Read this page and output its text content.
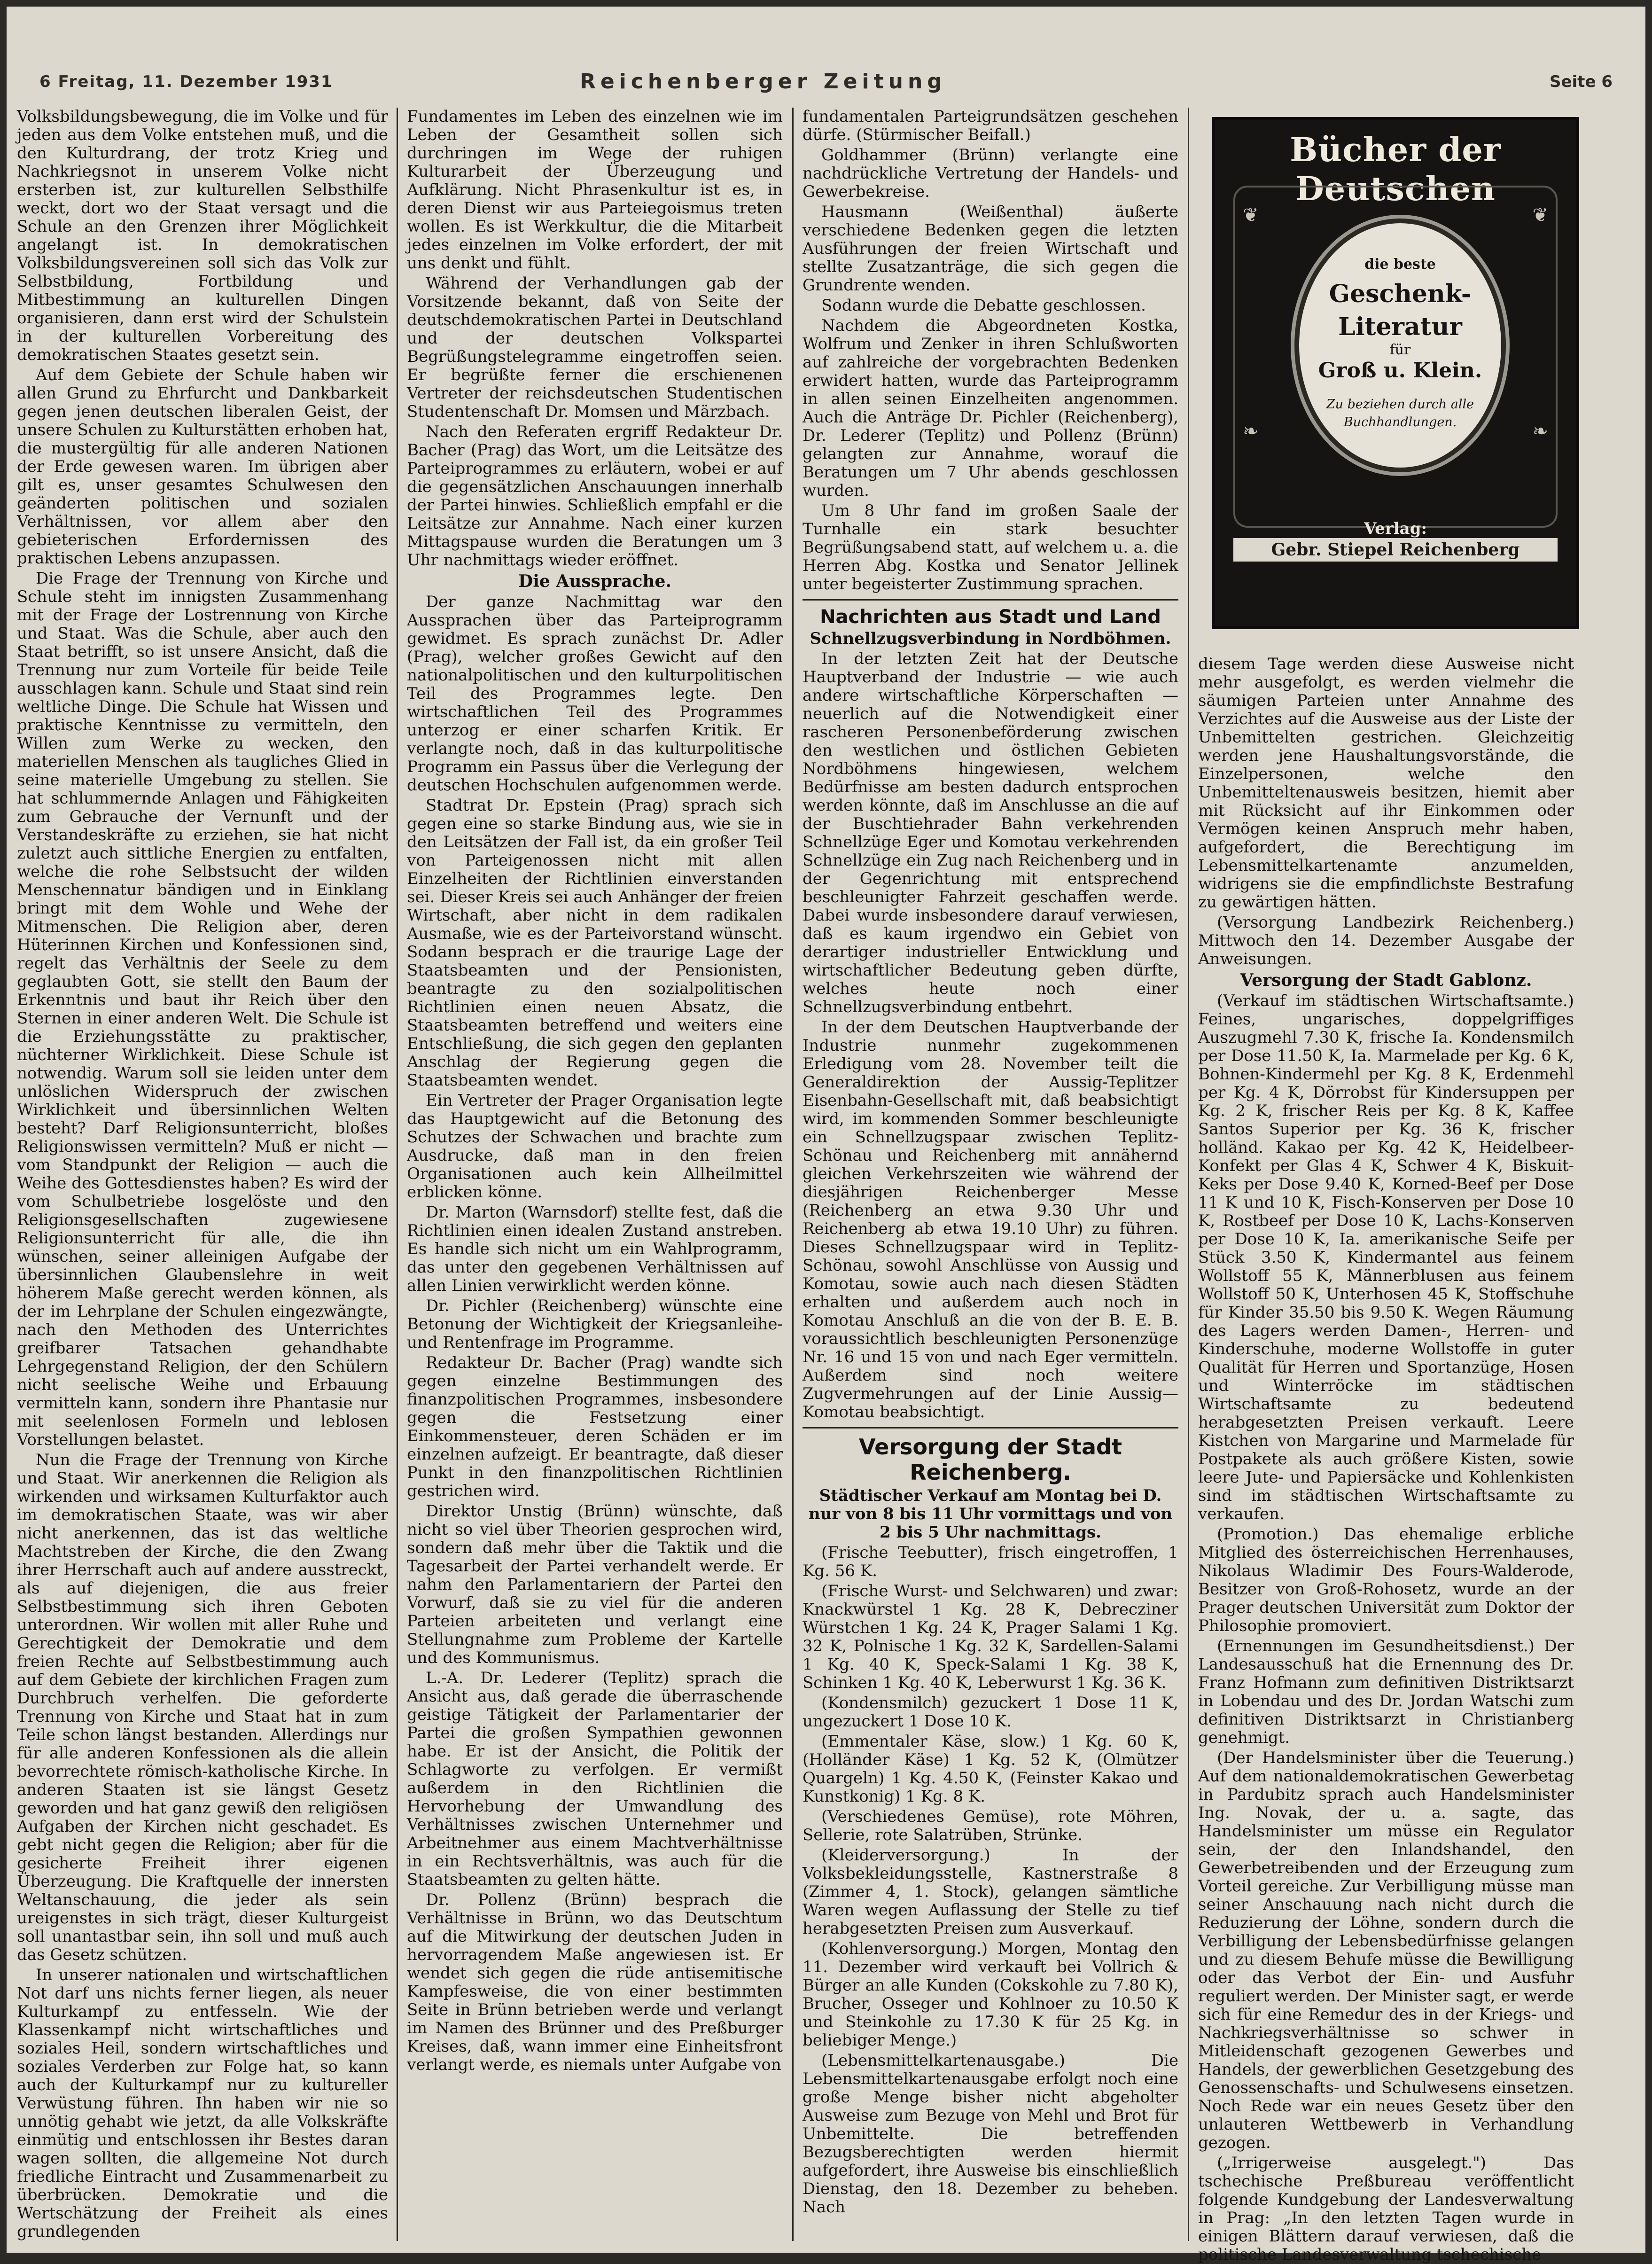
6 Freitag, 11. Dezember 1931	Reichenberger Zeitung	Seite 6

Volksbildungsbewegung, die im Volke und für jeden aus dem Volke entstehen muß, und die den Kulturdrang, der trotz Krieg und Nachkriegsnot in unserem Volke nicht ersterben ist, zur kulturellen Selbsthilfe weckt, dort wo der Staat versagt und die Schule an den Grenzen ihrer Möglichkeit angelangt ist. In demokratischen Volksbildungsvereinen soll sich das Volk zur Selbstbildung, Fortbildung und Mitbestimmung an kulturellen Dingen organisieren, dann erst wird der Schulstein in der kulturellen Vorbereitung des demokratischen Staates gesetzt sein.

Auf dem Gebiete der Schule haben wir allen Grund zu Ehrfurcht und Dankbarkeit gegen jenen deutschen liberalen Geist, der unsere Schulen zu Kulturstätten erhoben hat, die mustergültig für alle anderen Nationen der Erde gewesen waren. Im übrigen aber gilt es, unser gesamtes Schulwesen den geänderten politischen und sozialen Verhältnissen, vor allem aber den gebieterischen Erfordernissen des praktischen Lebens anzupassen.

Die Frage der Trennung von Kirche und Schule steht im innigsten Zusammenhang mit der Frage der Lostrennung von Kirche und Staat. Was die Schule, aber auch den Staat betrifft, so ist unsere Ansicht, daß die Trennung nur zum Vorteile für beide Teile ausschlagen kann. Schule und Staat sind rein weltliche Dinge. Die Schule hat Wissen und praktische Kenntnisse zu vermitteln, den Willen zum Werke zu wecken, den materiellen Menschen als taugliches Glied in seine materielle Umgebung zu stellen. Sie hat schlummernde Anlagen und Fähigkeiten zum Gebrauche der Vernunft und der Verstandeskräfte zu erziehen, sie hat nicht zuletzt auch sittliche Energien zu entfalten, welche die rohe Selbstsucht der wilden Menschennatur bändigen und in Einklang bringt mit dem Wohle und Wehe der Mitmenschen. Die Religion aber, deren Hüterinnen Kirchen und Konfessionen sind, regelt das Verhältnis der Seele zu dem geglaubten Gott, sie stellt den Baum der Erkenntnis und baut ihr Reich über den Sternen in einer anderen Welt. Die Schule ist die Erziehungsstätte zu praktischer, nüchterner Wirklichkeit. Diese Schule ist notwendig. Warum soll sie leiden unter dem unlöslichen Widerspruch der zwischen Wirklichkeit und übersinnlichen Welten besteht? Darf Religionsunterricht, bloßes Religionswissen vermitteln? Muß er nicht — vom Standpunkt der Religion — auch die Weihe des Gottesdienstes haben? Es wird der vom Schulbetriebe losgelöste und den Religionsgesellschaften zugewiesene Religionsunterricht für alle, die ihn wünschen, seiner alleinigen Aufgabe der übersinnlichen Glaubenslehre in weit höherem Maße gerecht werden können, als der im Lehrplane der Schulen eingezwängte, nach den Methoden des Unterrichtes greifbarer Tatsachen gehandhabte Lehrgegenstand Religion, der den Schülern nicht seelische Weihe und Erbauung vermitteln kann, sondern ihre Phantasie nur mit seelenlosen Formeln und leblosen Vorstellungen belastet.

Nun die Frage der Trennung von Kirche und Staat. Wir anerkennen die Religion als wirkenden und wirksamen Kulturfaktor auch im demokratischen Staate, was wir aber nicht anerkennen, das ist das weltliche Machtstreben der Kirche, die den Zwang ihrer Herrschaft auch auf andere ausstreckt, als auf diejenigen, die aus freier Selbstbestimmung sich ihren Geboten unterordnen. Wir wollen mit aller Ruhe und Gerechtigkeit der Demokratie und dem freien Rechte auf Selbstbestimmung auch auf dem Gebiete der kirchlichen Fragen zum Durchbruch verhelfen. Die geforderte Trennung von Kirche und Staat hat in zum Teile schon längst bestanden. Allerdings nur für alle anderen Konfessionen als die allein bevorrechtete römisch-katholische Kirche. In anderen Staaten ist sie längst Gesetz geworden und hat ganz gewiß den religiösen Aufgaben der Kirchen nicht geschadet. Es gebt nicht gegen die Religion; aber für die gesicherte Freiheit ihrer eigenen Überzeugung. Die Kraftquelle der innersten Weltanschauung, die jeder als sein ureigenstes in sich trägt, dieser Kulturgeist soll unantastbar sein, ihn soll und muß auch das Gesetz schützen.

In unserer nationalen und wirtschaftlichen Not darf uns nichts ferner liegen, als neuer Kulturkampf zu entfesseln. Wie der Klassenkampf nicht wirtschaftliches und soziales Heil, sondern wirtschaftliches und soziales Verderben zur Folge hat, so kann auch der Kulturkampf nur zu kultureller Verwüstung führen. Ihn haben wir nie so unnötig gehabt wie jetzt, da alle Volkskräfte einmütig und entschlossen ihr Bestes daran wagen sollten, die allgemeine Not durch friedliche Eintracht und Zusammenarbeit zu überbrücken. Demokratie und die Wertschätzung der Freiheit als eines grundlegenden

Fundamentes im Leben des einzelnen wie im Leben der Gesamtheit sollen sich durchringen im Wege der ruhigen Kulturarbeit der Überzeugung und Aufklärung. Nicht Phrasenkultur ist es, in deren Dienst wir aus Parteiegoismus treten wollen. Es ist Werkkultur, die die Mitarbeit jedes einzelnen im Volke erfordert, der mit uns denkt und fühlt.

Während der Verhandlungen gab der Vorsitzende bekannt, daß von Seite der deutschdemokratischen Partei in Deutschland und der deutschen Volkspartei Begrüßungstelegramme eingetroffen seien. Er begrüßte ferner die erschienenen Vertreter der reichsdeutschen Studentischen Studentenschaft Dr. Momsen und Märzbach.

Nach den Referaten ergriff Redakteur Dr. Bacher (Prag) das Wort, um die Leitsätze des Parteiprogrammes zu erläutern, wobei er auf die gegensätzlichen Anschauungen innerhalb der Partei hinwies. Schließlich empfahl er die Leitsätze zur Annahme. Nach einer kurzen Mittagspause wurden die Beratungen um 3 Uhr nachmittags wieder eröffnet.

Die Aussprache.

Der ganze Nachmittag war den Aussprachen über das Parteiprogramm gewidmet. Es sprach zunächst Dr. Adler (Prag), welcher großes Gewicht auf den nationalpolitischen und den kulturpolitischen Teil des Programmes legte. Den wirtschaftlichen Teil des Programmes unterzog er einer scharfen Kritik. Er verlangte noch, daß in das kulturpolitische Programm ein Passus über die Verlegung der deutschen Hochschulen aufgenommen werde.

Stadtrat Dr. Epstein (Prag) sprach sich gegen eine so starke Bindung aus, wie sie in den Leitsätzen der Fall ist, da ein großer Teil von Parteigenossen nicht mit allen Einzelheiten der Richtlinien einverstanden sei. Dieser Kreis sei auch Anhänger der freien Wirtschaft, aber nicht in dem radikalen Ausmaße, wie es der Parteivorstand wünscht. Sodann besprach er die traurige Lage der Staatsbeamten und der Pensionisten, beantragte zu den sozialpolitischen Richtlinien einen neuen Absatz, die Staatsbeamten betreffend und weiters eine Entschließung, die sich gegen den geplanten Anschlag der Regierung gegen die Staatsbeamten wendet.

Ein Vertreter der Prager Organisation legte das Hauptgewicht auf die Betonung des Schutzes der Schwachen und brachte zum Ausdrucke, daß man in den freien Organisationen auch kein Allheilmittel erblicken könne.

Dr. Marton (Warnsdorf) stellte fest, daß die Richtlinien einen idealen Zustand anstreben. Es handle sich nicht um ein Wahlprogramm, das unter den gegebenen Verhältnissen auf allen Linien verwirklicht werden könne.

Dr. Pichler (Reichenberg) wünschte eine Betonung der Wichtigkeit der Kriegsanleihe- und Rentenfrage im Programme.

Redakteur Dr. Bacher (Prag) wandte sich gegen einzelne Bestimmungen des finanzpolitischen Programmes, insbesondere gegen die Festsetzung einer Einkommensteuer, deren Schäden er im einzelnen aufzeigt. Er beantragte, daß dieser Punkt in den finanzpolitischen Richtlinien gestrichen wird.

Direktor Unstig (Brünn) wünschte, daß nicht so viel über Theorien gesprochen wird, sondern daß mehr über die Taktik und die Tagesarbeit der Partei verhandelt werde. Er nahm den Parlamentariern der Partei den Vorwurf, daß sie zu viel für die anderen Parteien arbeiteten und verlangt eine Stellungnahme zum Probleme der Kartelle und des Kommunismus.

L.-A. Dr. Lederer (Teplitz) sprach die Ansicht aus, daß gerade die überraschende geistige Tätigkeit der Parlamentarier der Partei die großen Sympathien gewonnen habe. Er ist der Ansicht, die Politik der Schlagworte zu verfolgen. Er vermißt außerdem in den Richtlinien die Hervorhebung der Umwandlung des Verhältnisses zwischen Unternehmer und Arbeitnehmer aus einem Machtverhältnisse in ein Rechtsverhältnis, was auch für die Staatsbeamten zu gelten hätte.

Dr. Pollenz (Brünn) besprach die Verhältnisse in Brünn, wo das Deutschtum auf die Mitwirkung der deutschen Juden in hervorragendem Maße angewiesen ist. Er wendet sich gegen die rüde antisemitische Kampfesweise, die von einer bestimmten Seite in Brünn betrieben werde und verlangt im Namen des Brünner und des Preßburger Kreises, daß, wann immer eine Einheitsfront verlangt werde, es niemals unter Aufgabe von

fundamentalen Parteigrundsätzen geschehen dürfe. (Stürmischer Beifall.)

Goldhammer (Brünn) verlangte eine nachdrückliche Vertretung der Handels- und Gewerbekreise.

Hausmann (Weißenthal) äußerte verschiedene Bedenken gegen die letzten Ausführungen der freien Wirtschaft und stellte Zusatzanträge, die sich gegen die Grundrente wenden.

Sodann wurde die Debatte geschlossen.

Nachdem die Abgeordneten Kostka, Wolfrum und Zenker in ihren Schlußworten auf zahlreiche der vorgebrachten Bedenken erwidert hatten, wurde das Parteiprogramm in allen seinen Einzelheiten angenommen. Auch die Anträge Dr. Pichler (Reichenberg), Dr. Lederer (Teplitz) und Pollenz (Brünn) gelangten zur Annahme, worauf die Beratungen um 7 Uhr abends geschlossen wurden.

Um 8 Uhr fand im großen Saale der Turnhalle ein stark besuchter Begrüßungsabend statt, auf welchem u. a. die Herren Abg. Kostka und Senator Jellinek unter begeisterter Zustimmung sprachen.

Nachrichten aus Stadt und Land

Schnellzugsverbindung in Nordböhmen.

In der letzten Zeit hat der Deutsche Hauptverband der Industrie — wie auch andere wirtschaftliche Körperschaften — neuerlich auf die Notwendigkeit einer rascheren Personenbeförderung zwischen den westlichen und östlichen Gebieten Nordböhmens hingewiesen, welchem Bedürfnisse am besten dadurch entsprochen werden könnte, daß im Anschlusse an die auf der Buschtiehrader Bahn verkehrenden Schnellzüge Eger und Komotau verkehrenden Schnellzüge ein Zug nach Reichenberg und in der Gegenrichtung mit entsprechend beschleunigter Fahrzeit geschaffen werde. Dabei wurde insbesondere darauf verwiesen, daß es kaum irgendwo ein Gebiet von derartiger industrieller Entwicklung und wirtschaftlicher Bedeutung geben dürfte, welches heute noch einer Schnellzugsverbindung entbehrt.

In der dem Deutschen Hauptverbande der Industrie nunmehr zugekommenen Erledigung vom 28. November teilt die Generaldirektion der Aussig-Teplitzer Eisenbahn-Gesellschaft mit, daß beabsichtigt wird, im kommenden Sommer beschleunigte ein Schnellzugspaar zwischen Teplitz-Schönau und Reichenberg mit annähernd gleichen Verkehrszeiten wie während der diesjährigen Reichenberger Messe (Reichenberg an etwa 9.30 Uhr und Reichenberg ab etwa 19.10 Uhr) zu führen. Dieses Schnellzugspaar wird in Teplitz-Schönau, sowohl Anschlüsse von Aussig und Komotau, sowie auch nach diesen Städten erhalten und außerdem auch noch in Komotau Anschluß an die von der B. E. B. voraussichtlich beschleunigten Personenzüge Nr. 16 und 15 von und nach Eger vermitteln. Außerdem sind noch weitere Zugvermehrungen auf der Linie Aussig—Komotau beabsichtigt.

Versorgung der Stadt Reichenberg.

Städtischer Verkauf am Montag bei D. nur von 8 bis 11 Uhr vormittags und von 2 bis 5 Uhr nachmittags.

(Frische Teebutter), frisch eingetroffen, 1 Kg. 56 K.

(Frische Wurst- und Selchwaren) und zwar: Knackwürstel 1 Kg. 28 K, Debrecziner Würstchen 1 Kg. 24 K, Prager Salami 1 Kg. 32 K, Polnische 1 Kg. 32 K, Sardellen-Salami 1 Kg. 40 K, Speck-Salami 1 Kg. 38 K, Schinken 1 Kg. 40 K, Leberwurst 1 Kg. 36 K.

(Kondensmilch) gezuckert 1 Dose 11 K, ungezuckert 1 Dose 10 K.

(Emmentaler Käse, slow.) 1 Kg. 60 K, (Holländer Käse) 1 Kg. 52 K, (Olmützer Quargeln) 1 Kg. 4.50 K, (Feinster Kakao und Kunstkonig) 1 Kg. 8 K.

(Verschiedenes Gemüse), rote Möhren, Sellerie, rote Salatrüben, Strünke.

(Kleiderversorgung.) In der Volksbekleidungsstelle, Kastnerstraße 8 (Zimmer 4, 1. Stock), gelangen sämtliche Waren wegen Auflassung der Stelle zu tief herabgesetzten Preisen zum Ausverkauf.

(Kohlenversorgung.) Morgen, Montag den 11. Dezember wird verkauft bei Vollrich & Bürger an alle Kunden (Cokskohle zu 7.80 K), Brucher, Osseger und Kohlnoer zu 10.50 K und Steinkohle zu 17.30 K für 25 Kg. in beliebiger Menge.)

(Lebensmittelkartenausgabe.) Die Lebensmittelkartenausgabe erfolgt noch eine große Menge bisher nicht abgeholter Ausweise zum Bezuge von Mehl und Brot für Unbemittelte. Die betreffenden Bezugsberechtigten werden hiermit aufgefordert, ihre Ausweise bis einschließlich Dienstag, den 18. Dezember zu beheben. Nach

Bücher der Deutschen
❦	❦
❧	❧
die beste
Geschenk-
Literatur
für
Groß u. Klein.
Zu beziehen durch alle
Buchhandlungen.
Verlag:
Gebr. Stiepel Reichenberg

diesem Tage werden diese Ausweise nicht mehr ausgefolgt, es werden vielmehr die säumigen Parteien unter Annahme des Verzichtes auf die Ausweise aus der Liste der Unbemittelten gestrichen. Gleichzeitig werden jene Haushaltungsvorstände, die Einzelpersonen, welche den Unbemitteltenausweis besitzen, hiemit aber mit Rücksicht auf ihr Einkommen oder Vermögen keinen Anspruch mehr haben, aufgefordert, die Berechtigung im Lebensmittelkartenamte anzumelden, widrigens sie die empfindlichste Bestrafung zu gewärtigen hätten.

(Versorgung Landbezirk Reichenberg.) Mittwoch den 14. Dezember Ausgabe der Anweisungen.

Versorgung der Stadt Gablonz.

(Verkauf im städtischen Wirtschaftsamte.) Feines, ungarisches, doppelgriffiges Auszugmehl 7.30 K, frische Ia. Kondensmilch per Dose 11.50 K, Ia. Marmelade per Kg. 6 K, Bohnen-Kindermehl per Kg. 8 K, Erdenmehl per Kg. 4 K, Dörrobst für Kindersuppen per Kg. 2 K, frischer Reis per Kg. 8 K, Kaffee Santos Superior per Kg. 36 K, frischer holländ. Kakao per Kg. 42 K, Heidelbeer-Konfekt per Glas 4 K, Schwer 4 K, Biskuit-Keks per Dose 9.40 K, Korned-Beef per Dose 11 K und 10 K, Fisch-Konserven per Dose 10 K, Rostbeef per Dose 10 K, Lachs-Konserven per Dose 10 K, Ia. amerikanische Seife per Stück 3.50 K, Kindermantel aus feinem Wollstoff 55 K, Männerblusen aus feinem Wollstoff 50 K, Unterhosen 45 K, Stoffschuhe für Kinder 35.50 bis 9.50 K. Wegen Räumung des Lagers werden Damen-, Herren- und Kinderschuhe, moderne Wollstoffe in guter Qualität für Herren und Sportanzüge, Hosen und Winterröcke im städtischen Wirtschaftsamte zu bedeutend herabgesetzten Preisen verkauft. Leere Kistchen von Margarine und Marmelade für Postpakete als auch größere Kisten, sowie leere Jute- und Papiersäcke und Kohlenkisten sind im städtischen Wirtschaftsamte zu verkaufen.

(Promotion.) Das ehemalige erbliche Mitglied des österreichischen Herrenhauses, Nikolaus Wladimir Des Fours-Walderode, Besitzer von Groß-Rohosetz, wurde an der Prager deutschen Universität zum Doktor der Philosophie promoviert.

(Ernennungen im Gesundheitsdienst.) Der Landesausschuß hat die Ernennung des Dr. Franz Hofmann zum definitiven Distriktsarzt in Lobendau und des Dr. Jordan Watschi zum definitiven Distriktsarzt in Christianberg genehmigt.

(Der Handelsminister über die Teuerung.) Auf dem nationaldemokratischen Gewerbetag in Pardubitz sprach auch Handelsminister Ing. Novak, der u. a. sagte, das Handelsminister um müsse ein Regulator sein, der den Inlandshandel, den Gewerbetreibenden und der Erzeugung zum Vorteil gereiche. Zur Verbilligung müsse man seiner Anschauung nach nicht durch die Reduzierung der Löhne, sondern durch die Verbilligung der Lebensbedürfnisse gelangen und zu diesem Behufe müsse die Bewilligung oder das Verbot der Ein- und Ausfuhr reguliert werden. Der Minister sagt, er werde sich für eine Remedur des in der Kriegs- und Nachkriegsverhältnisse so schwer in Mitleidenschaft gezogenen Gewerbes und Handels, der gewerblichen Gesetzgebung des Genossenschafts- und Schulwesens einsetzen. Noch Rede war ein neues Gesetz über den unlauteren Wettbewerb in Verhandlung gezogen.

(„Irrigerweise ausgelegt.") Das tschechische Preßbureau veröffentlicht folgende Kundgebung der Landesverwaltung in Prag: „In den letzten Tagen wurde in einigen Blättern darauf verwiesen, daß die politische Landesverwaltung tschechische
